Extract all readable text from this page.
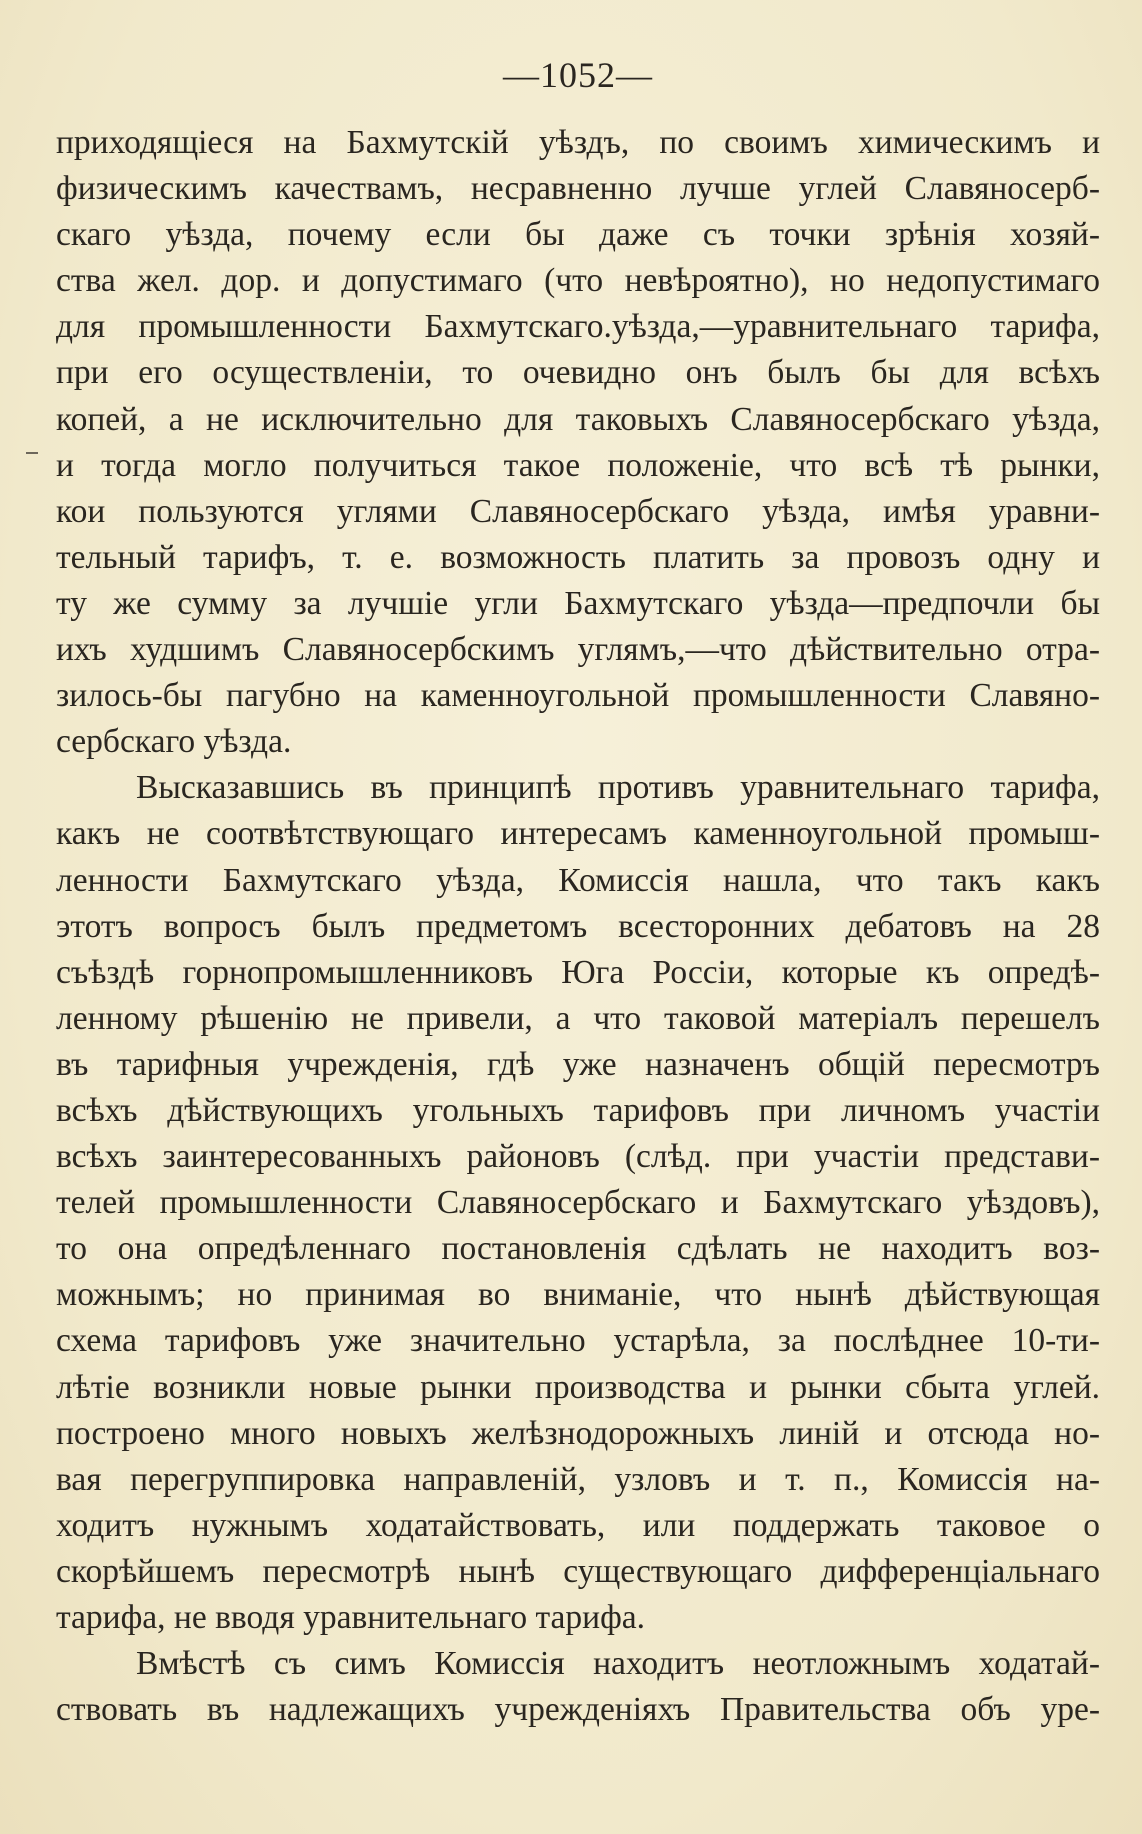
—1052—
приходящіеся на Бахмутскій уѣздъ, по своимъ химическимъ и
физическимъ качествамъ, несравненно лучше углей Славяносерб-
скаго уѣзда, почему если бы даже съ точки зрѣнія хозяй-
ства жел. дор. и допустимаго (что невѣроятно), но недопустимаго
для промышленности Бахмутскаго.уѣзда,—уравнительнаго тарифа,
при его осуществленіи, то очевидно онъ былъ бы для всѣхъ
копей, а не исключительно для таковыхъ Славяносербскаго уѣзда,
и тогда могло получиться такое положеніе, что всѣ тѣ рынки,
кои пользуются углями Славяносербскаго уѣзда, имѣя уравни-
тельный тарифъ, т. е. возможность платить за провозъ одну и
ту же сумму за лучшіе угли Бахмутскаго уѣзда—предпочли бы
ихъ худшимъ Славяносербскимъ углямъ,—что дѣйствительно отра-
зилось-бы пагубно на каменноугольной промышленности Славяно-
сербскаго уѣзда.
Высказавшись въ принципѣ противъ уравнительнаго тарифа,
какъ не соотвѣтствующаго интересамъ каменноугольной промыш-
ленности Бахмутскаго уѣзда, Комиссія нашла, что такъ какъ
этотъ вопросъ былъ предметомъ всесторонних дебатовъ на 28
съѣздѣ горнопромышленниковъ Юга Россіи, которые къ опредѣ-
ленному рѣшенію не привели, а что таковой матеріалъ перешелъ
въ тарифныя учрежденія, гдѣ уже назначенъ общій пересмотръ
всѣхъ дѣйствующихъ угольныхъ тарифовъ при личномъ участіи
всѣхъ заинтересованныхъ районовъ (слѣд. при участіи представи-
телей промышленности Славяносербскаго и Бахмутскаго уѣздовъ),
то она опредѣленнаго постановленія сдѣлать не находитъ воз-
можнымъ; но принимая во вниманіе, что нынѣ дѣйствующая
схема тарифовъ уже значительно устарѣла, за послѣднее 10-ти-
лѣтіе возникли новые рынки производства и рынки сбыта углей.
построено много новыхъ желѣзнодорожныхъ линій и отсюда но-
вая перегруппировка направленій, узловъ и т. п., Комиссія на-
ходитъ нужнымъ ходатайствовать, или поддержать таковое о
скорѣйшемъ пересмотрѣ нынѣ существующаго дифференціальнаго
тарифа, не вводя уравнительнаго тарифа.
Вмѣстѣ съ симъ Комиссія находитъ неотложнымъ ходатай-
ствовать въ надлежащихъ учрежденіяхъ Правительства объ уре-
